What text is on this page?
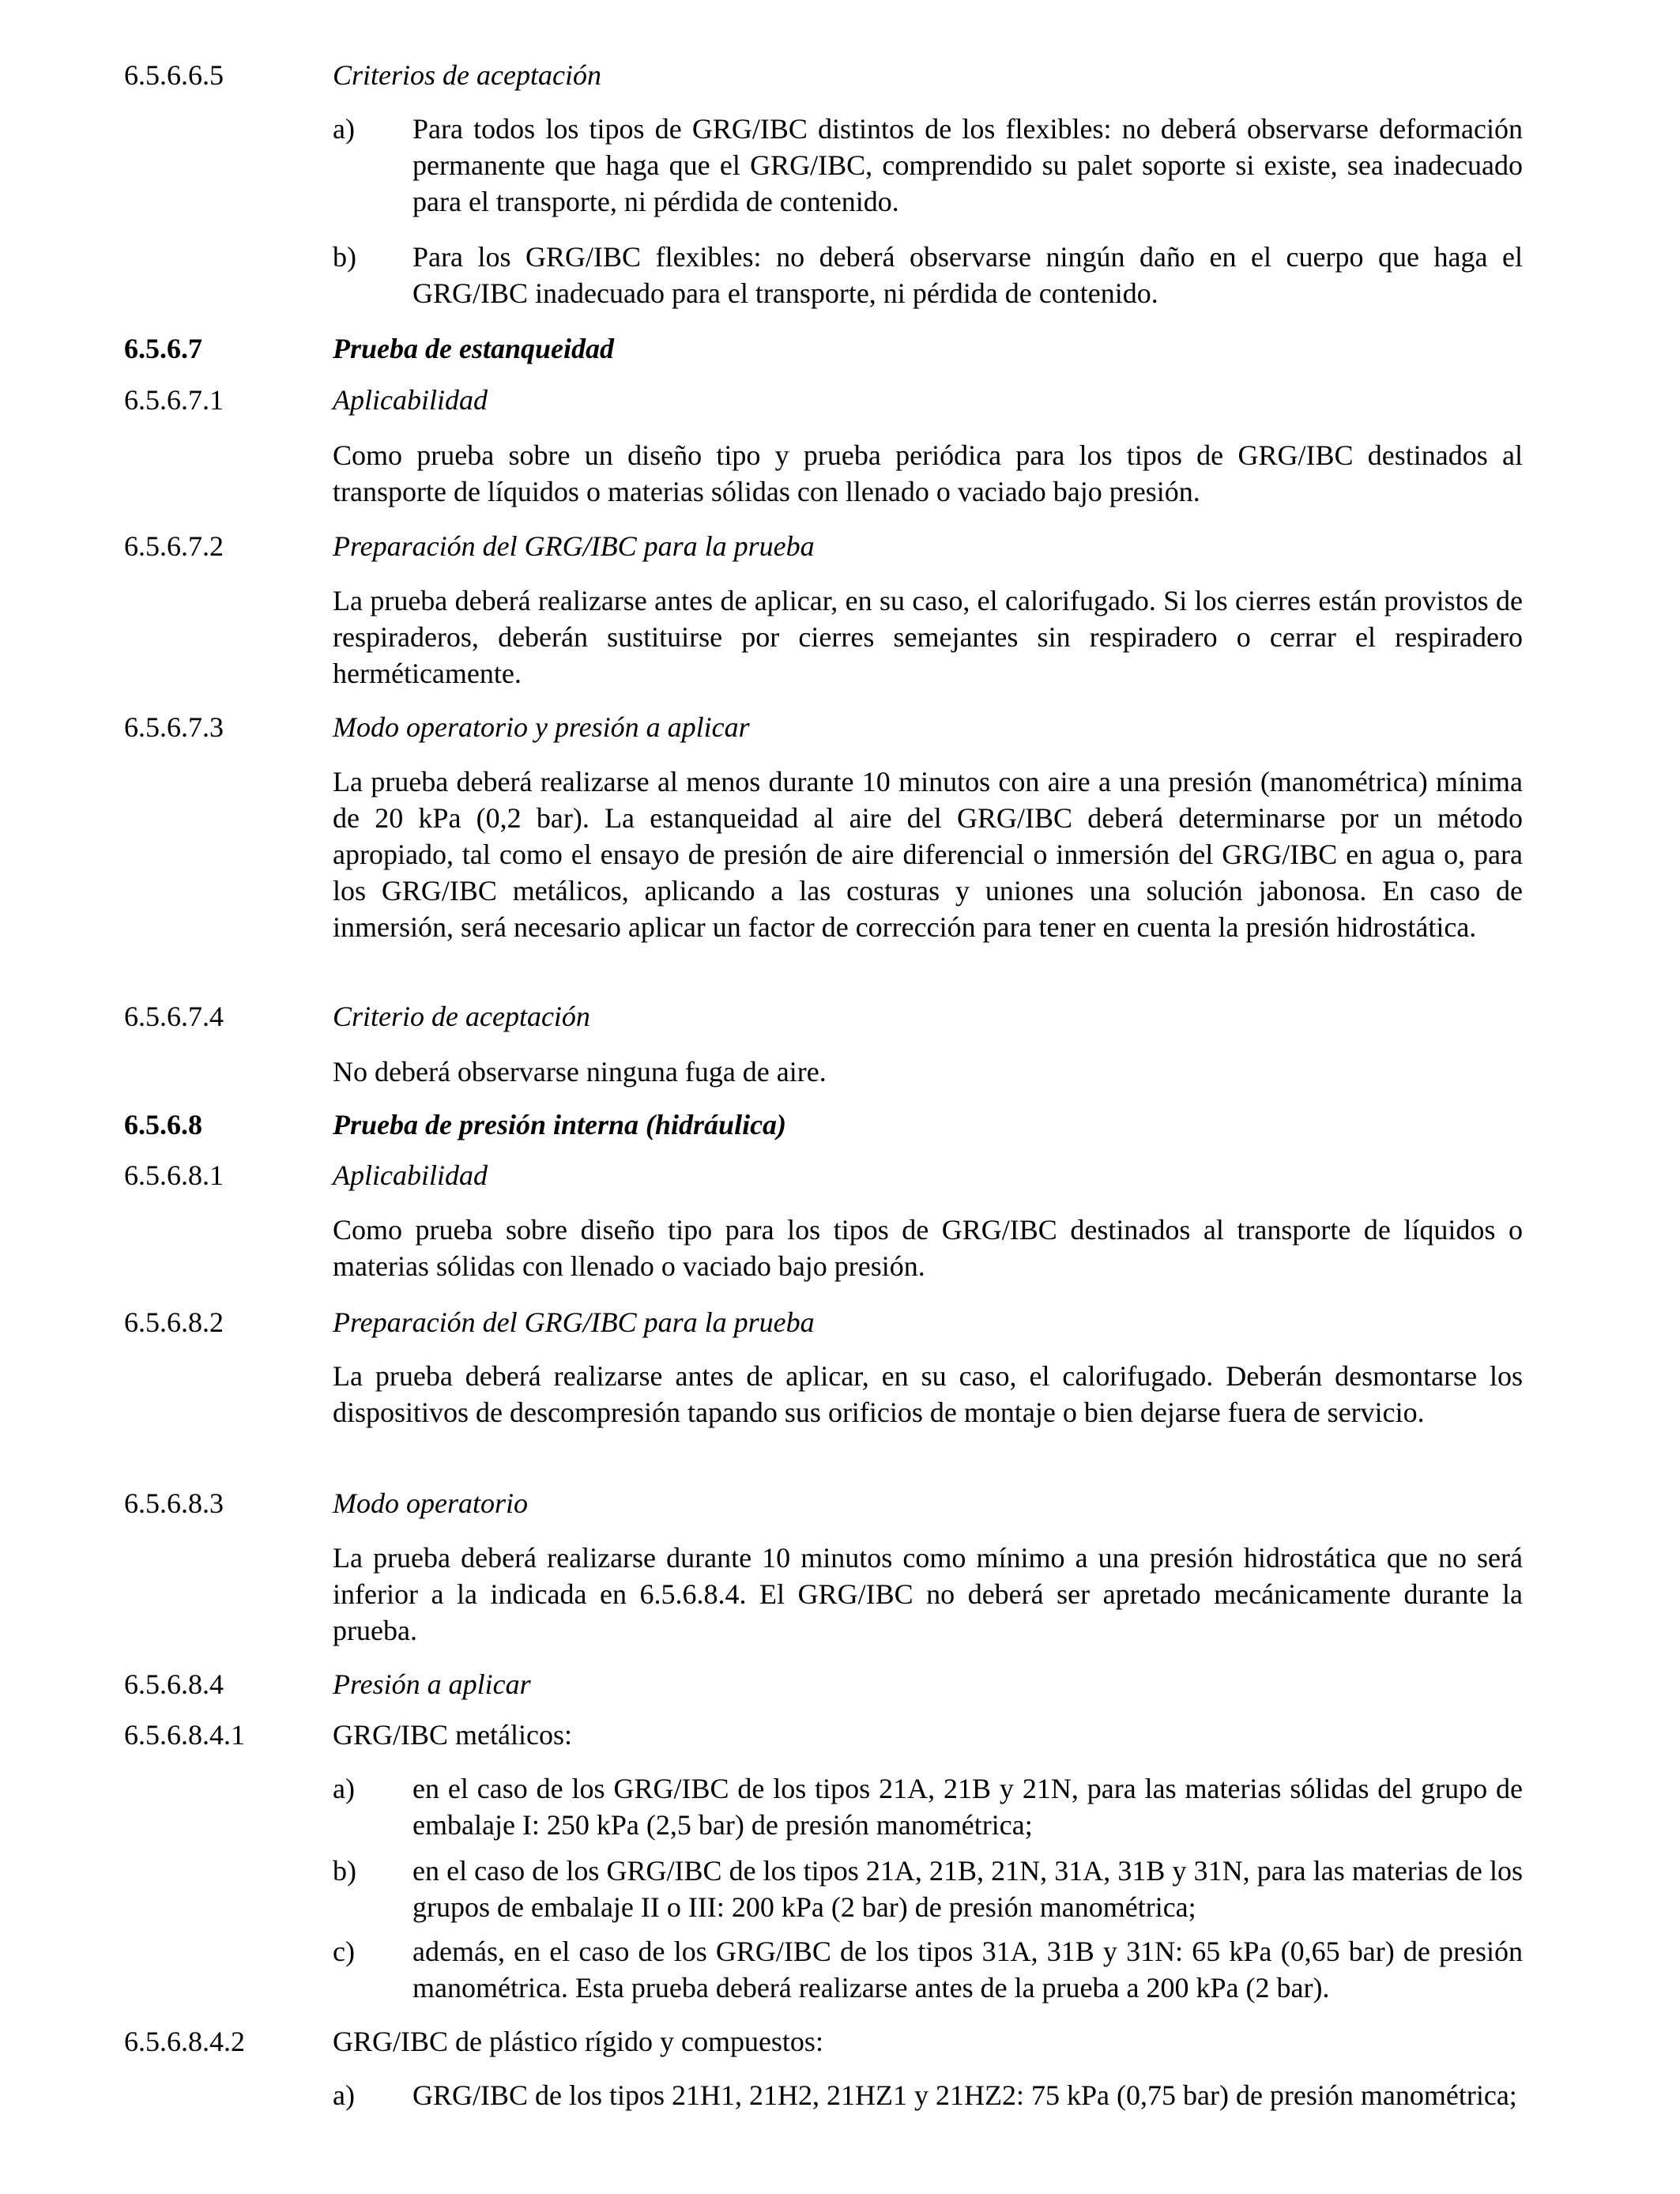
6.5.6.6.5	Criterios de aceptación
a) Para todos los tipos de GRG/IBC distintos de los flexibles: no deberá observarse deformación permanente que haga que el GRG/IBC, comprendido su palet soporte si existe, sea inadecuado para el transporte, ni pérdida de contenido.
b) Para los GRG/IBC flexibles: no deberá observarse ningún daño en el cuerpo que haga el GRG/IBC inadecuado para el transporte, ni pérdida de contenido.
6.5.6.7	Prueba de estanqueidad
6.5.6.7.1	Aplicabilidad
Como prueba sobre un diseño tipo y prueba periódica para los tipos de GRG/IBC destinados al transporte de líquidos o materias sólidas con llenado o vaciado bajo presión.
6.5.6.7.2	Preparación del GRG/IBC para la prueba
La prueba deberá realizarse antes de aplicar, en su caso, el calorifugado. Si los cierres están provistos de respiraderos, deberán sustituirse por cierres semejantes sin respiradero o cerrar el respiradero herméticamente.
6.5.6.7.3	Modo operatorio y presión a aplicar
La prueba deberá realizarse al menos durante 10 minutos con aire a una presión (manométrica) mínima de 20 kPa (0,2 bar). La estanqueidad al aire del GRG/IBC deberá determinarse por un método apropiado, tal como el ensayo de presión de aire diferencial o inmersión del GRG/IBC en agua o, para los GRG/IBC metálicos, aplicando a las costuras y uniones una solución jabonosa. En caso de inmersión, será necesario aplicar un factor de corrección para tener en cuenta la presión hidrostática.
6.5.6.7.4	Criterio de aceptación
No deberá observarse ninguna fuga de aire.
6.5.6.8	Prueba de presión interna (hidráulica)
6.5.6.8.1	Aplicabilidad
Como prueba sobre diseño tipo para los tipos de GRG/IBC destinados al transporte de líquidos o materias sólidas con llenado o vaciado bajo presión.
6.5.6.8.2	Preparación del GRG/IBC para la prueba
La prueba deberá realizarse antes de aplicar, en su caso, el calorifugado. Deberán desmontarse los dispositivos de descompresión tapando sus orificios de montaje o bien dejarse fuera de servicio.
6.5.6.8.3	Modo operatorio
La prueba deberá realizarse durante 10 minutos como mínimo a una presión hidrostática que no será inferior a la indicada en 6.5.6.8.4. El GRG/IBC no deberá ser apretado mecánicamente durante la prueba.
6.5.6.8.4	Presión a aplicar
6.5.6.8.4.1	GRG/IBC metálicos:
a) en el caso de los GRG/IBC de los tipos 21A, 21B y 21N, para las materias sólidas del grupo de embalaje I: 250 kPa (2,5 bar) de presión manométrica;
b) en el caso de los GRG/IBC de los tipos 21A, 21B, 21N, 31A, 31B y 31N, para las materias de los grupos de embalaje II o III: 200 kPa (2 bar) de presión manométrica;
c) además, en el caso de los GRG/IBC de los tipos 31A, 31B y 31N: 65 kPa (0,65 bar) de presión manométrica. Esta prueba deberá realizarse antes de la prueba a 200 kPa (2 bar).
6.5.6.8.4.2	GRG/IBC de plástico rígido y compuestos:
a) GRG/IBC de los tipos 21H1, 21H2, 21HZ1 y 21HZ2: 75 kPa (0,75 bar) de presión manométrica;
